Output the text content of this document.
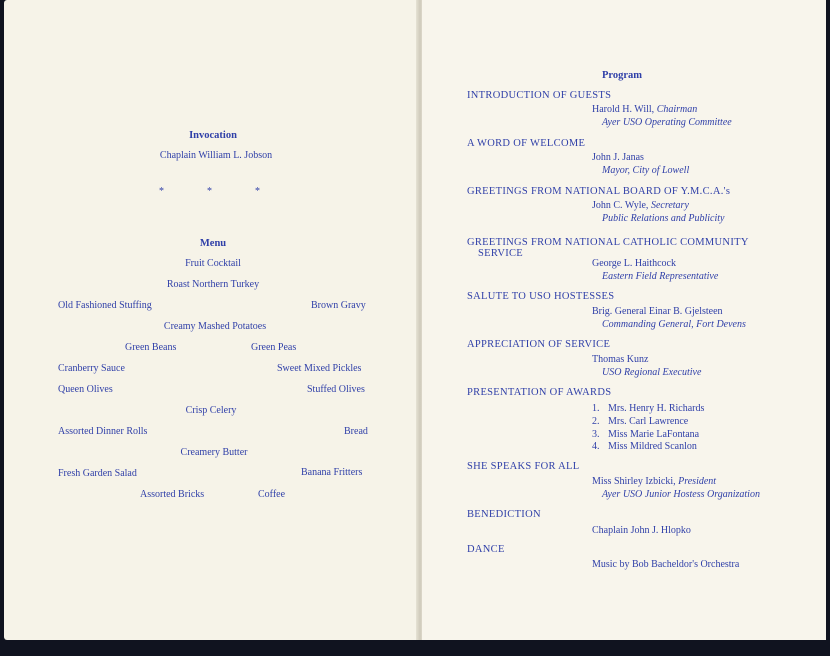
Invocation
Chaplain William L. Jobson
*	*	*
Menu
Fruit Cocktail
Roast Northern Turkey
Old Fashioned Stuffing	Brown Gravy
Creamy Mashed Potatoes
Green Beans	Green Peas
Cranberry Sauce	Sweet Mixed Pickles
Queen Olives	Stuffed Olives
Crisp Celery
Assorted Dinner Rolls	Bread
Creamery Butter
Fresh Garden Salad	Banana Fritters
Assorted Bricks	Coffee
Program
INTRODUCTION OF GUESTS
Harold H. Will, Chairman
Ayer USO Operating Committee
A WORD OF WELCOME
John J. Janas
Mayor, City of Lowell
GREETINGS FROM NATIONAL BOARD OF Y.M.C.A.'s
John C. Wyle, Secretary
Public Relations and Publicity
GREETINGS FROM NATIONAL CATHOLIC COMMUNITY
SERVICE
George L. Haithcock
Eastern Field Representative
SALUTE TO USO HOSTESSES
Brig. General Einar B. Gjelsteen
Commanding General, Fort Devens
APPRECIATION OF SERVICE
Thomas Kunz
USO Regional Executive
PRESENTATION OF AWARDS
1. Mrs. Henry H. Richards
2. Mrs. Carl Lawrence
3. Miss Marie LaFontana
4. Miss Mildred Scanlon
SHE SPEAKS FOR ALL
Miss Shirley Izbicki, President
Ayer USO Junior Hostess Organization
BENEDICTION
Chaplain John J. Hlopko
DANCE
Music by Bob Bacheldor's Orchestra
